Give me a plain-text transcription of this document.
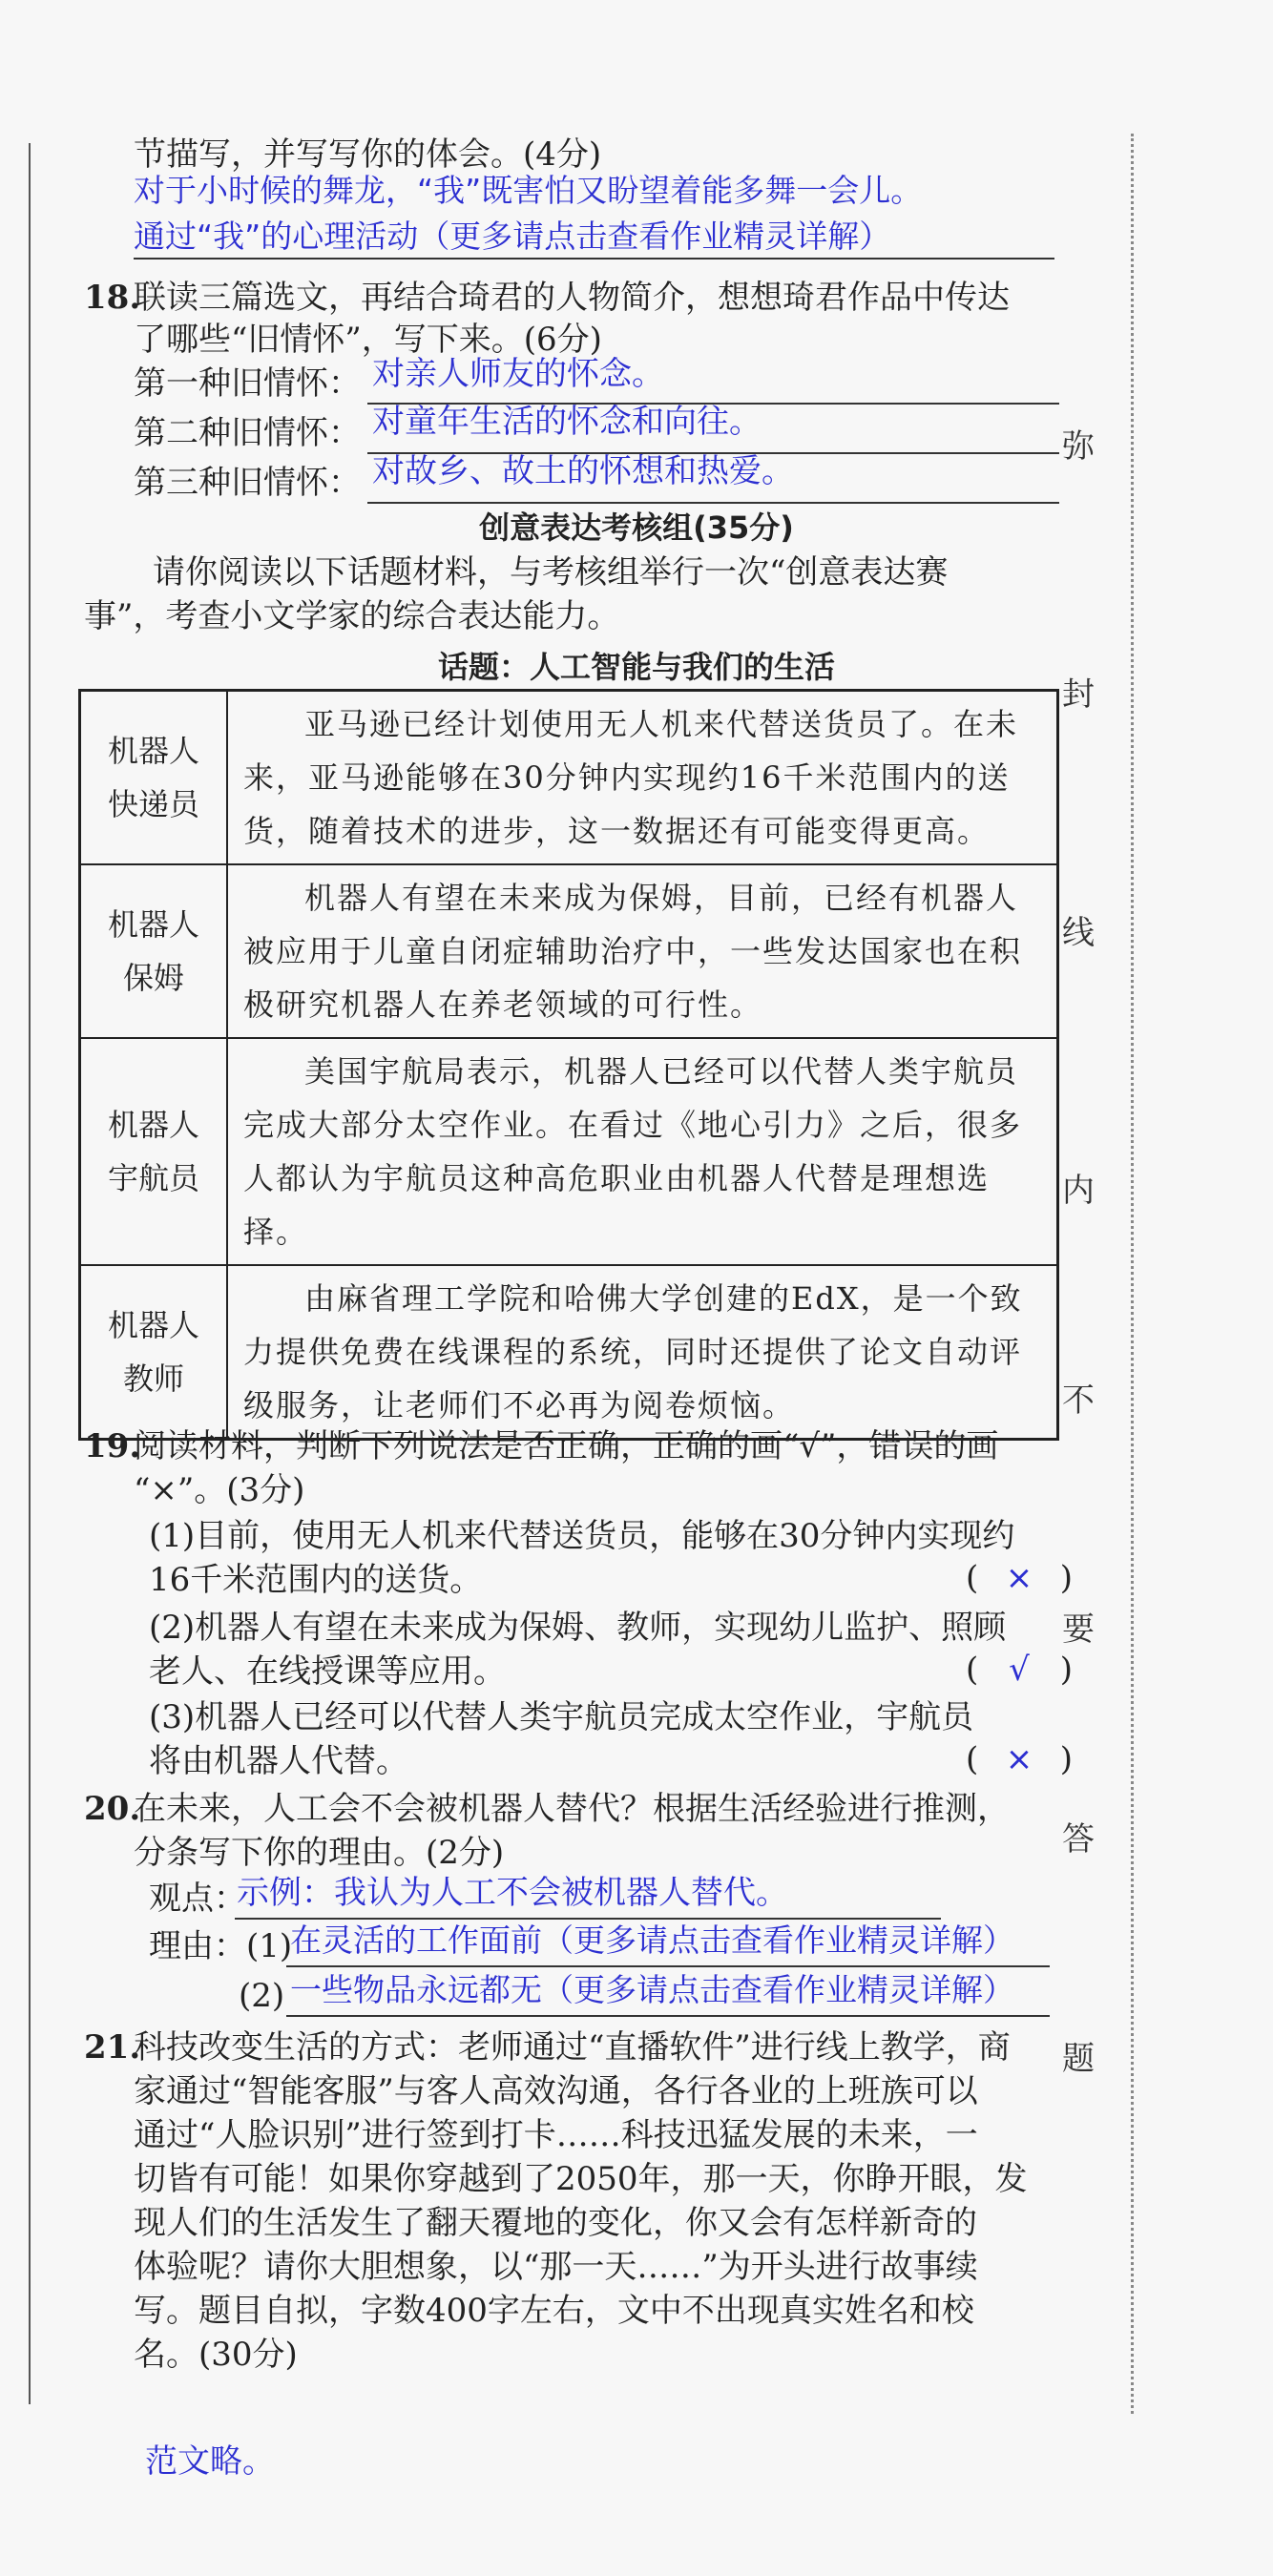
弥
封
线
内
不
要
答
题
节描写，并写写你的体会。(4分)
对于小时候的舞龙，“我”既害怕又盼望着能多舞一会儿。
通过“我”的心理活动（更多请点击查看作业精灵详解）
18.
联读三篇选文，再结合琦君的人物简介，想想琦君作品中传达
了哪些“旧情怀”，写下来。(6分)
第一种旧情怀： 对亲人师友的怀念。
第二种旧情怀： 对童年生活的怀念和向往。
第三种旧情怀： 对故乡、故土的怀想和热爱。
创意表达考核组(35分)
请你阅读以下话题材料，与考核组举行一次“创意表达赛
事”，考查小文学家的综合表达能力。
话题：人工智能与我们的生活
机器人
快递员	亚马逊已经计划使用无人机来代替送货员了。在未来，亚马逊能够在30分钟内实现约16千米范围内的送货，随着技术的进步，这一数据还有可能变得更高。
机器人
保姆	机器人有望在未来成为保姆，目前，已经有机器人被应用于儿童自闭症辅助治疗中，一些发达国家也在积极研究机器人在养老领域的可行性。
机器人
宇航员	美国宇航局表示，机器人已经可以代替人类宇航员完成大部分太空作业。在看过《地心引力》之后，很多人都认为宇航员这种高危职业由机器人代替是理想选择。
机器人
教师	由麻省理工学院和哈佛大学创建的EdX，是一个致力提供免费在线课程的系统，同时还提供了论文自动评级服务，让老师们不必再为阅卷烦恼。
19.
阅读材料，判断下列说法是否正确，正确的画“√”，错误的画
“×”。(3分)
(1)目前，使用无人机来代替送货员，能够在30分钟内实现约
16千米范围内的送货。	( × )
(2)机器人有望在未来成为保姆、教师，实现幼儿监护、照顾
老人、在线授课等应用。	( √ )
(3)机器人已经可以代替人类宇航员完成太空作业，宇航员
将由机器人代替。	( × )
20.
在未来，人工会不会被机器人替代？根据生活经验进行推测，
分条写下你的理由。(2分)
观点：
示例：我认为人工不会被机器人替代。
理由：(1)
在灵活的工作面前（更多请点击查看作业精灵详解）
(2) 一些物品永远都无（更多请点击查看作业精灵详解）
21.
科技改变生活的方式：老师通过“直播软件”进行线上教学，商
家通过“智能客服”与客人高效沟通，各行各业的上班族可以
通过“人脸识别”进行签到打卡……科技迅猛发展的未来，一
切皆有可能！如果你穿越到了2050年，那一天，你睁开眼，发
现人们的生活发生了翻天覆地的变化，你又会有怎样新奇的
体验呢？请你大胆想象，以“那一天……”为开头进行故事续
写。题目自拟，字数400字左右，文中不出现真实姓名和校
名。(30分)
范文略。
